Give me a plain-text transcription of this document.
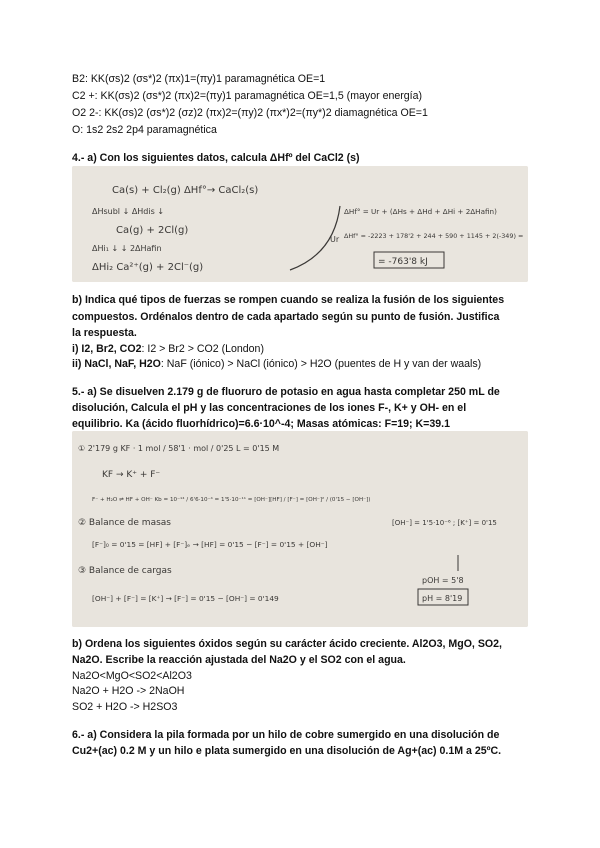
B2: KK(σs)2 (σs*)2 (πx)1=(πy)1 paramagnética OE=1
C2 +: KK(σs)2 (σs*)2 (πx)2=(πy)1 paramagnética OE=1,5 (mayor energía)
O2 2-: KK(σs)2 (σs*)2 (σz)2 (πx)2=(πy)2 (πx*)2=(πy*)2 diamagnética OE=1
O: 1s2 2s2 2p4 paramagnética
4.- a) Con los siguientes datos, calcula ΔHfº del CaCl2 (s)
Ca(s) + Cl₂(g) ΔHf°→ CaCl₂(s)
ΔHsubl ↓ ΔHdis ↓
Ca(g) + 2Cl(g)
ΔHi₁ ↓ ↓ 2ΔHafin
ΔHi₂ Ca²⁺(g) + 2Cl⁻(g)
Ur
ΔHf° = Ur + (ΔHs + ΔHd + ΔHi + 2ΔHafin)
ΔHf° = -2223 + 178'2 + 244 + 590 + 1145 + 2(-349) =
= -763'8 kJ
b) Indica qué tipos de fuerzas se rompen cuando se realiza la fusión de los siguientes
compuestos. Ordénalos dentro de cada apartado según su punto de fusión. Justifica
la respuesta.
i) I2, Br2, CO2: I2 > Br2 > CO2 (London)
ii) NaCl, NaF, H2O: NaF (iónico) > NaCl (iónico) > H2O (puentes de H y van der waals)
5.- a) Se disuelven 2.179 g de fluoruro de potasio en agua hasta completar 250 mL de
disolución, Calcula el pH y las concentraciones de los iones F-, K+ y OH- en el
equilibrio. Ka (ácido fluorhídrico)=6.6·10^-4; Masas atómicas: F=19; K=39.1
① 2'179 g KF · 1 mol / 58'1 · mol / 0'25 L = 0'15 M
KF → K⁺ + F⁻
F⁻ + H₂O ⇌ HF + OH⁻ Kb = 10⁻¹⁴ / 6'6·10⁻⁴ = 1'5·10⁻¹¹ = [OH⁻][HF] / [F⁻] = [OH⁻]² / (0'15 − [OH⁻])
② Balance de masas	[OH⁻] = 1'5·10⁻⁶ ; [K⁺] = 0'15
[F⁻]₀ = 0'15 = [HF] + [F⁻]ₑ → [HF] = 0'15 − [F⁻] = 0'15 + [OH⁻]
③ Balance de cargas
pOH = 5'8
[OH⁻] + [F⁻] = [K⁺] → [F⁻] = 0'15 − [OH⁻] = 0'149	pH = 8'19
b) Ordena los siguientes óxidos según su carácter ácido creciente. Al2O3, MgO, SO2,
Na2O. Escribe la reacción ajustada del Na2O y el SO2 con el agua.
Na2O<MgO<SO2<Al2O3
Na2O + H2O -> 2NaOH
SO2 + H2O -> H2SO3
6.- a) Considera la pila formada por un hilo de cobre sumergido en una disolución de
Cu2+(ac) 0.2 M y un hilo e plata sumergido en una disolución de Ag+(ac) 0.1M a 25ºC.
